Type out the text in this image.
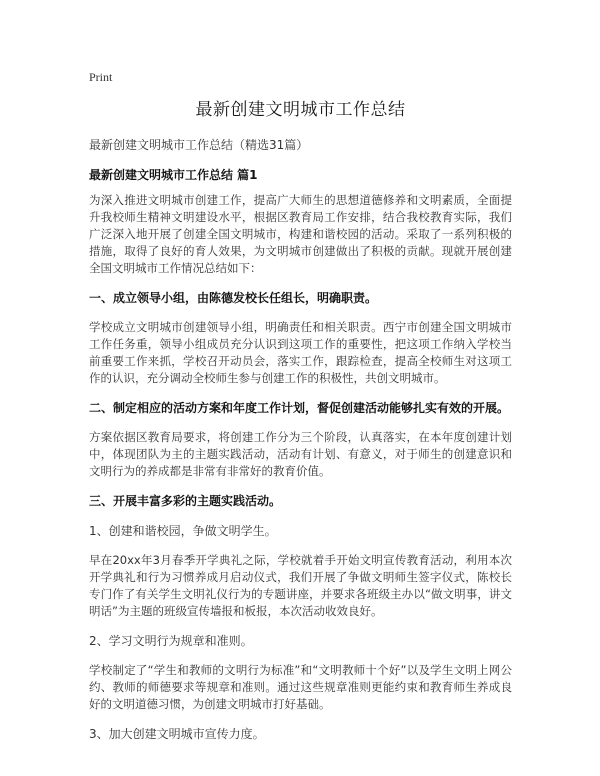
Print
最新创建文明城市工作总结
最新创建文明城市工作总结（精选31篇）
最新创建文明城市工作总结 篇1

为深入推进文明城市创建工作，提高广大师生的思想道德修养和文明素质，全面提升我校师生精神文明建设水平，根据区教育局工作安排，结合我校教育实际，我们广泛深入地开展了创建全国文明城市，构建和谐校园的活动。采取了一系列积极的措施，取得了良好的育人效果，为文明城市创建做出了积极的贡献。现就开展创建全国文明城市工作情况总结如下：

一、成立领导小组，由陈德发校长任组长，明确职责。

学校成立文明城市创建领导小组，明确责任和相关职责。西宁市创建全国文明城市工作任务重，领导小组成员充分认识到这项工作的重要性，把这项工作纳入学校当前重要工作来抓，学校召开动员会，落实工作，跟踪检查，提高全校师生对这项工作的认识，充分调动全校师生参与创建工作的积极性，共创文明城市。

二、制定相应的活动方案和年度工作计划，督促创建活动能够扎实有效的开展。

方案依据区教育局要求，将创建工作分为三个阶段，认真落实，在本年度创建计划中，体现团队为主的主题实践活动，活动有计划、有意义，对于师生的创建意识和文明行为的养成都是非常有非常好的教育价值。

三、开展丰富多彩的主题实践活动。
1、创建和谐校园，争做文明学生。

早在20xx年3月春季开学典礼之际，学校就着手开始文明宣传教育活动，利用本次开学典礼和行为习惯养成月启动仪式，我们开展了争做文明师生签字仪式，陈校长专门作了有关学生文明礼仪行为的专题讲座，并要求各班级主办以“做文明事，讲文明话”为主题的班级宣传墙报和板报，本次活动收效良好。

2、学习文明行为规章和准则。

学校制定了“学生和教师的文明行为标准”和“文明教师十个好”以及学生文明上网公约、教师的师德要求等规章和准则。通过这些规章准则更能约束和教育师生养成良好的文明道德习惯，为创建文明城市打好基础。

3、加大创建文明城市宣传力度。
